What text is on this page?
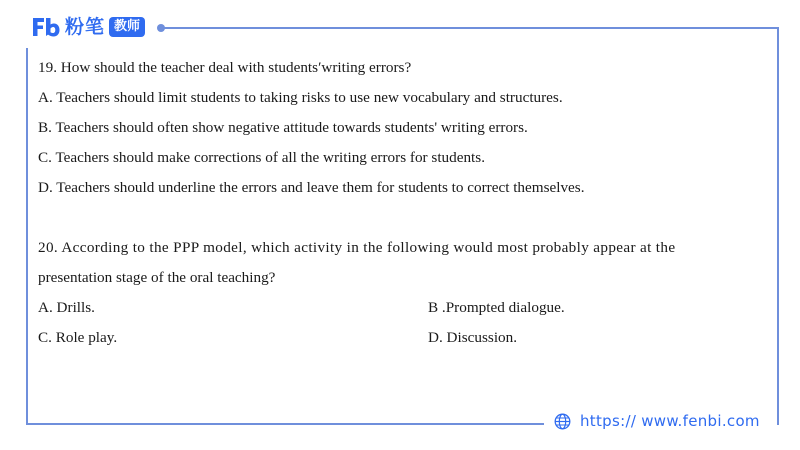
粉笔 教师
19. How should the teacher deal with students′writing errors?
A. Teachers should limit students to taking risks to use new vocabulary and structures.
B. Teachers should often show negative attitude towards students' writing errors.
C. Teachers should make corrections of all the writing errors for students.
D. Teachers should underline the errors and leave them for students to correct themselves.
20. According to the PPP model, which activity in the following would most probably appear at the
presentation stage of the oral teaching?
A. Drills.	B .Prompted dialogue.
C. Role play.	D. Discussion.
https:// www.fenbi.com
